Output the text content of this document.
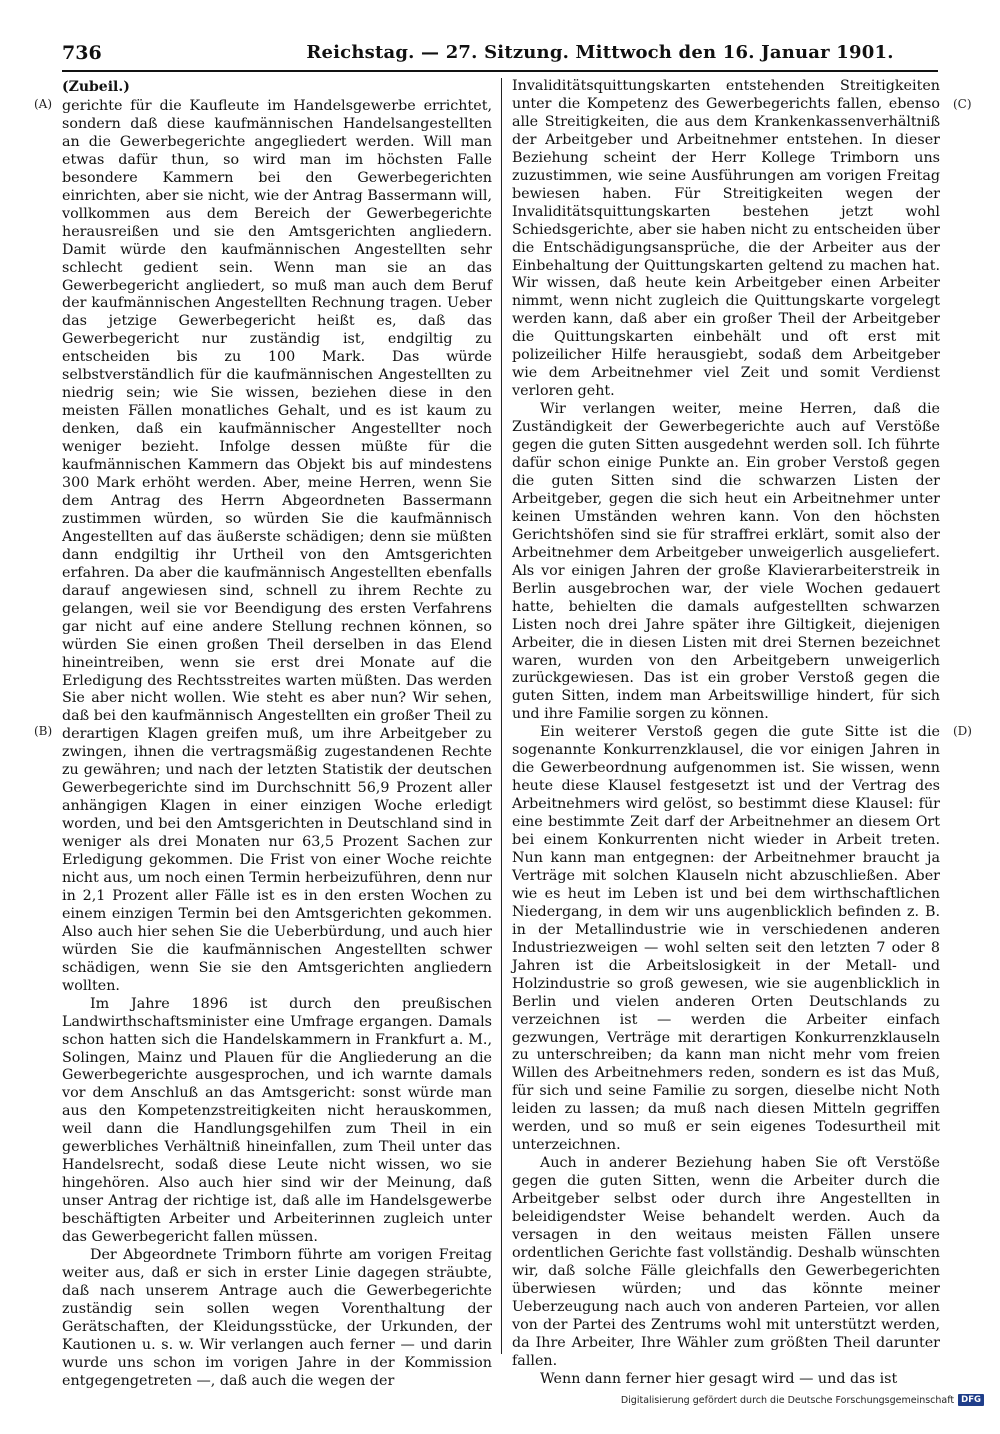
736	Reichstag. — 27. Sitzung. Mittwoch den 16. Januar 1901.

(Zubeil.)

gerichte für die Kaufleute im Handelsgewerbe errichtet, sondern daß diese kaufmännischen Handelsangestellten an die Gewerbegerichte angegliedert werden. Will man etwas dafür thun, so wird man im höchsten Falle besondere Kammern bei den Gewerbegerichten einrichten, aber sie nicht, wie der Antrag Bassermann will, vollkommen aus dem Bereich der Gewerbegerichte herausreißen und sie den Amtsgerichten angliedern. Damit würde den kaufmännischen Angestellten sehr schlecht gedient sein. Wenn man sie an das Gewerbegericht angliedert, so muß man auch dem Beruf der kaufmännischen Angestellten Rechnung tragen. Ueber das jetzige Gewerbegericht heißt es, daß das Gewerbegericht nur zuständig ist, endgiltig zu entscheiden bis zu 100 Mark. Das würde selbstverständlich für die kaufmännischen Angestellten zu niedrig sein; wie Sie wissen, beziehen diese in den meisten Fällen monatliches Gehalt, und es ist kaum zu denken, daß ein kaufmännischer Angestellter noch weniger bezieht. Infolge dessen müßte für die kaufmännischen Kammern das Objekt bis auf mindestens 300 Mark erhöht werden. Aber, meine Herren, wenn Sie dem Antrag des Herrn Abgeordneten Bassermann zustimmen würden, so würden Sie die kaufmännisch Angestellten auf das äußerste schädigen; denn sie müßten dann endgiltig ihr Urtheil von den Amtsgerichten erfahren. Da aber die kaufmännisch Angestellten ebenfalls darauf angewiesen sind, schnell zu ihrem Rechte zu gelangen, weil sie vor Beendigung des ersten Verfahrens gar nicht auf eine andere Stellung rechnen können, so würden Sie einen großen Theil derselben in das Elend hineintreiben, wenn sie erst drei Monate auf die Erledigung des Rechtsstreites warten müßten. Das werden Sie aber nicht wollen. Wie steht es aber nun? Wir sehen, daß bei den kaufmännisch Angestellten ein großer Theil zu derartigen Klagen greifen muß, um ihre Arbeitgeber zu zwingen, ihnen die vertragsmäßig zugestandenen Rechte zu gewähren; und nach der letzten Statistik der deutschen Gewerbegerichte sind im Durchschnitt 56,9 Prozent aller anhängigen Klagen in einer einzigen Woche erledigt worden, und bei den Amtsgerichten in Deutschland sind in weniger als drei Monaten nur 63,5 Prozent Sachen zur Erledigung gekommen. Die Frist von einer Woche reichte nicht aus, um noch einen Termin herbeizuführen, denn nur in 2,1 Prozent aller Fälle ist es in den ersten Wochen zu einem einzigen Termin bei den Amtsgerichten gekommen. Also auch hier sehen Sie die Ueberbürdung, und auch hier würden Sie die kaufmännischen Angestellten schwer schädigen, wenn Sie sie den Amtsgerichten angliedern wollten.

Im Jahre 1896 ist durch den preußischen Landwirthschaftsminister eine Umfrage ergangen. Damals schon hatten sich die Handelskammern in Frankfurt a. M., Solingen, Mainz und Plauen für die Angliederung an die Gewerbegerichte ausgesprochen, und ich warnte damals vor dem Anschluß an das Amtsgericht: sonst würde man aus den Kompetenzstreitigkeiten nicht herauskommen, weil dann die Handlungsgehilfen zum Theil in ein gewerbliches Verhältniß hineinfallen, zum Theil unter das Handelsrecht, sodaß diese Leute nicht wissen, wo sie hingehören. Also auch hier sind wir der Meinung, daß unser Antrag der richtige ist, daß alle im Handelsgewerbe beschäftigten Arbeiter und Arbeiterinnen zugleich unter das Gewerbegericht fallen müssen.

Der Abgeordnete Trimborn führte am vorigen Freitag weiter aus, daß er sich in erster Linie dagegen sträubte, daß nach unserem Antrage auch die Gewerbegerichte zuständig sein sollen wegen Vorenthaltung der Gerätschaften, der Kleidungsstücke, der Urkunden, der Kautionen u. s. w. Wir verlangen auch ferner — und darin wurde uns schon im vorigen Jahre in der Kommission entgegengetreten —, daß auch die wegen der

Invaliditätsquittungskarten entstehenden Streitigkeiten unter die Kompetenz des Gewerbegerichts fallen, ebenso alle Streitigkeiten, die aus dem Krankenkassenverhältniß der Arbeitgeber und Arbeitnehmer entstehen. In dieser Beziehung scheint der Herr Kollege Trimborn uns zuzustimmen, wie seine Ausführungen am vorigen Freitag bewiesen haben. Für Streitigkeiten wegen der Invaliditätsquittungskarten bestehen jetzt wohl Schiedsgerichte, aber sie haben nicht zu entscheiden über die Entschädigungsansprüche, die der Arbeiter aus der Einbehaltung der Quittungskarten geltend zu machen hat. Wir wissen, daß heute kein Arbeitgeber einen Arbeiter nimmt, wenn nicht zugleich die Quittungskarte vorgelegt werden kann, daß aber ein großer Theil der Arbeitgeber die Quittungskarten einbehält und oft erst mit polizeilicher Hilfe herausgiebt, sodaß dem Arbeitgeber wie dem Arbeitnehmer viel Zeit und somit Verdienst verloren geht.

Wir verlangen weiter, meine Herren, daß die Zuständigkeit der Gewerbegerichte auch auf Verstöße gegen die guten Sitten ausgedehnt werden soll. Ich führte dafür schon einige Punkte an. Ein grober Verstoß gegen die guten Sitten sind die schwarzen Listen der Arbeitgeber, gegen die sich heut ein Arbeitnehmer unter keinen Umständen wehren kann. Von den höchsten Gerichtshöfen sind sie für straffrei erklärt, somit also der Arbeitnehmer dem Arbeitgeber unweigerlich ausgeliefert. Als vor einigen Jahren der große Klavierarbeiterstreik in Berlin ausgebrochen war, der viele Wochen gedauert hatte, behielten die damals aufgestellten schwarzen Listen noch drei Jahre später ihre Giltigkeit, diejenigen Arbeiter, die in diesen Listen mit drei Sternen bezeichnet waren, wurden von den Arbeitgebern unweigerlich zurückgewiesen. Das ist ein grober Verstoß gegen die guten Sitten, indem man Arbeitswillige hindert, für sich und ihre Familie sorgen zu können.

Ein weiterer Verstoß gegen die gute Sitte ist die sogenannte Konkurrenzklausel, die vor einigen Jahren in die Gewerbeordnung aufgenommen ist. Sie wissen, wenn heute diese Klausel festgesetzt ist und der Vertrag des Arbeitnehmers wird gelöst, so bestimmt diese Klausel: für eine bestimmte Zeit darf der Arbeitnehmer an diesem Ort bei einem Konkurrenten nicht wieder in Arbeit treten. Nun kann man entgegnen: der Arbeitnehmer braucht ja Verträge mit solchen Klauseln nicht abzuschließen. Aber wie es heut im Leben ist und bei dem wirthschaftlichen Niedergang, in dem wir uns augenblicklich befinden z. B. in der Metallindustrie wie in verschiedenen anderen Industriezweigen — wohl selten seit den letzten 7 oder 8 Jahren ist die Arbeitslosigkeit in der Metall- und Holzindustrie so groß gewesen, wie sie augenblicklich in Berlin und vielen anderen Orten Deutschlands zu verzeichnen ist — werden die Arbeiter einfach gezwungen, Verträge mit derartigen Konkurrenzklauseln zu unterschreiben; da kann man nicht mehr vom freien Willen des Arbeitnehmers reden, sondern es ist das Muß, für sich und seine Familie zu sorgen, dieselbe nicht Noth leiden zu lassen; da muß nach diesen Mitteln gegriffen werden, und so muß er sein eigenes Todesurtheil mit unterzeichnen.

Auch in anderer Beziehung haben Sie oft Verstöße gegen die guten Sitten, wenn die Arbeiter durch die Arbeitgeber selbst oder durch ihre Angestellten in beleidigendster Weise behandelt werden. Auch da versagen in den weitaus meisten Fällen unsere ordentlichen Gerichte fast vollständig. Deshalb wünschten wir, daß solche Fälle gleichfalls den Gewerbegerichten überwiesen würden; und das könnte meiner Ueberzeugung nach auch von anderen Parteien, vor allen von der Partei des Zentrums wohl mit unterstützt werden, da Ihre Arbeiter, Ihre Wähler zum größten Theil darunter fallen.

Wenn dann ferner hier gesagt wird — und das ist

(A)
(B)
(C)
(D)
Digitalisierung gefördert durch die Deutsche Forschungsgemeinschaft DFG
